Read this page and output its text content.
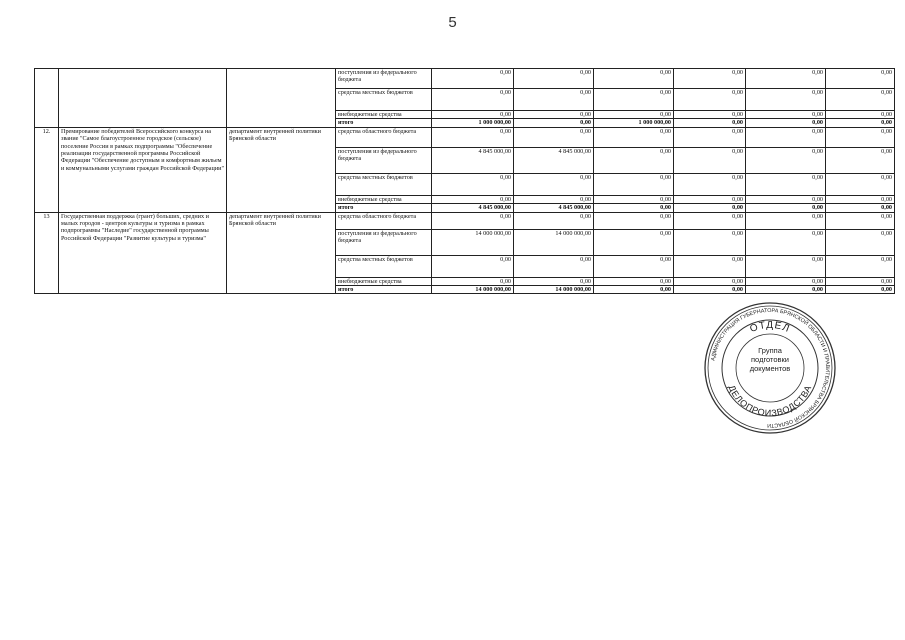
5
			поступления из федерального бюджета	0,00	0,00	0,00	0,00	0,00	0,00
			средства местных бюджетов	0,00	0,00	0,00	0,00	0,00	0,00
			внебюджетные средства	0,00	0,00	0,00	0,00	0,00	0,00
			итого	1 000 000,00	0,00	1 000 000,00	0,00	0,00	0,00
12.	Премирование победителей Всероссийского конкурса на звание "Самое благоустроенное городское (сельское) поселение России в рамках подпрограммы "Обеспечение реализации государственной программы Российской Федерации "Обеспечение доступным и комфортным жильем и коммунальными услугами граждан Российской Федерации"	департамент внутренней политики Брянской области	средства областного бюджета	0,00	0,00	0,00	0,00	0,00	0,00
			поступления из федерального бюджета	4 845 000,00	4 845 000,00	0,00	0,00	0,00	0,00
			средства местных бюджетов	0,00	0,00	0,00	0,00	0,00	0,00
			внебюджетные средства	0,00	0,00	0,00	0,00	0,00	0,00
			итого	4 845 000,00	4 845 000,00	0,00	0,00	0,00	0,00
13	Государственная поддержка (грант) больших, средних и малых городов - центров культуры и туризма в рамках подпрограммы "Наследие" государственной программы Российской Федерации "Развитие культуры и туризма"	департамент внутренней политики Брянской области	средства областного бюджета	0,00	0,00	0,00	0,00	0,00	0,00
			поступления из федерального бюджета	14 000 000,00	14 000 000,00	0,00	0,00	0,00	0,00
			средства местных бюджетов	0,00	0,00	0,00	0,00	0,00	0,00
			внебюджетные средства	0,00	0,00	0,00	0,00	0,00	0,00
			итого	14 000 000,00	14 000 000,00	0,00	0,00	0,00	0,00
АДМИНИСТРАЦИЯ ГУБЕРНАТОРА БРЯНСКОЙ ОБЛАСТИ И ПРАВИТЕЛЬСТВА БРЯНСКОЙ ОБЛАСТИ
ОТДЕЛ
ДЕЛОПРОИЗВОДСТВА
Группа
подготовки
документов
